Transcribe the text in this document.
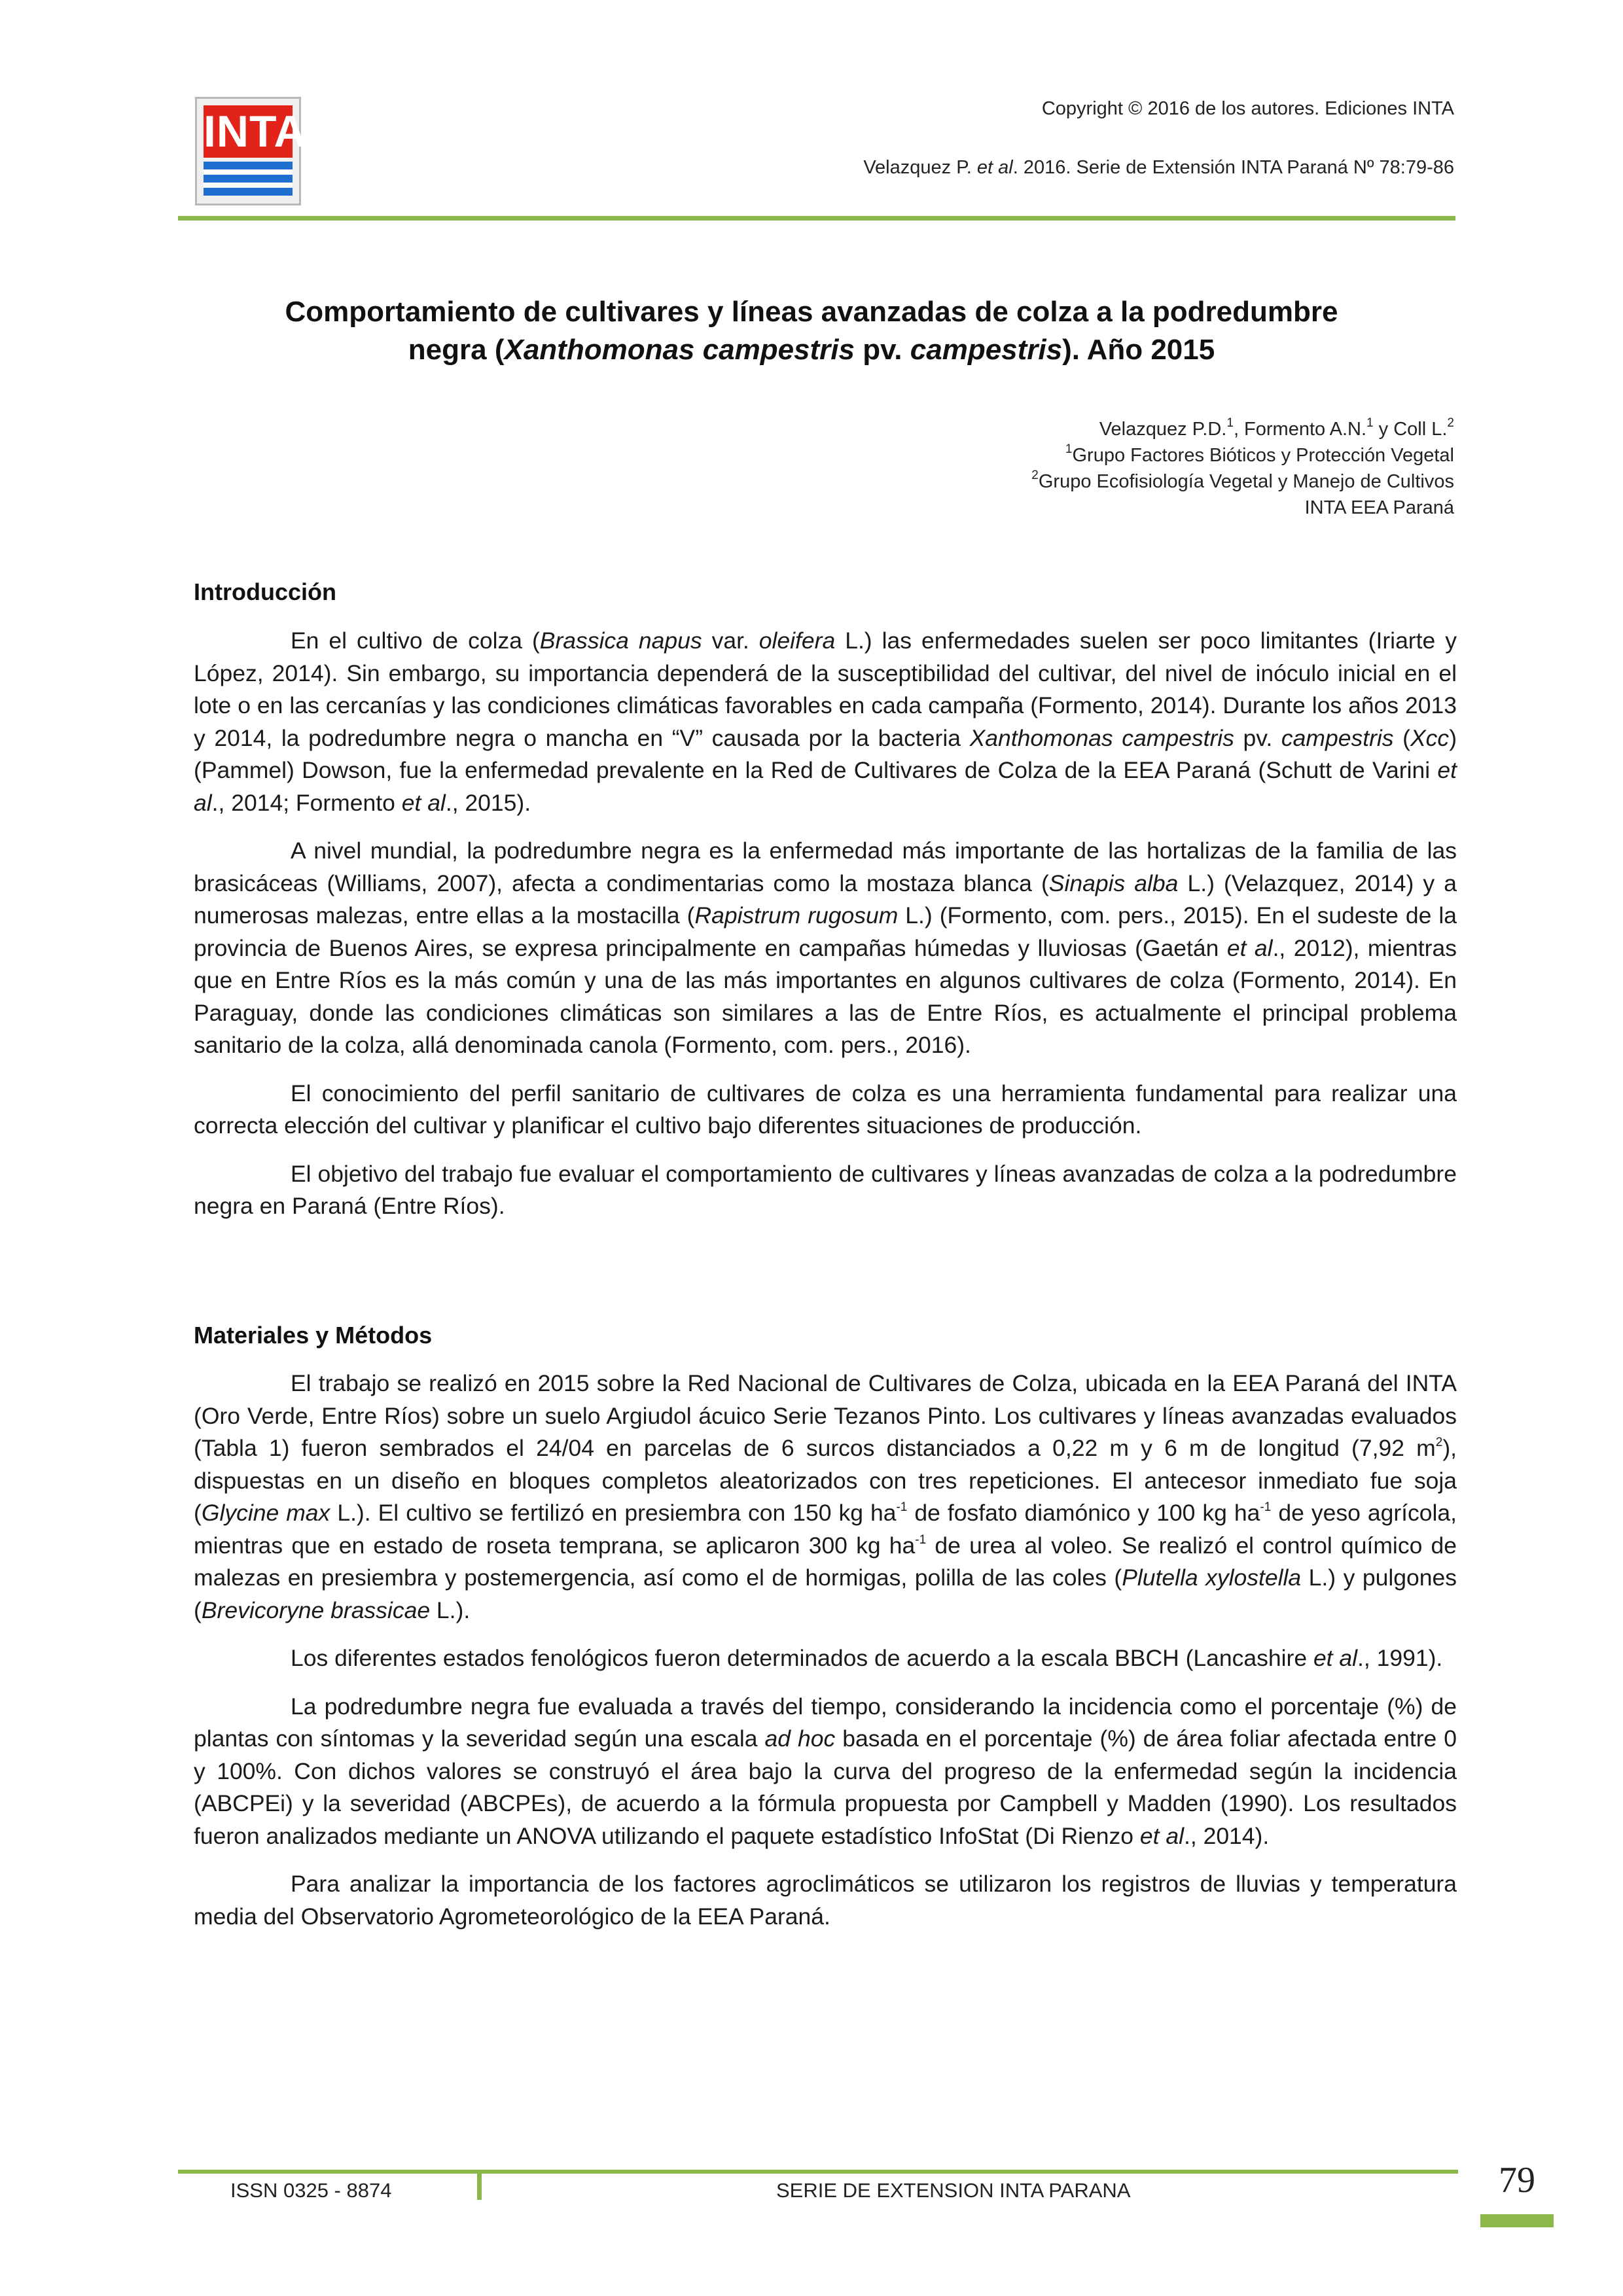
INTA	Copyright © 2016 de los autores. Ediciones INTA
Velazquez P. et al. 2016. Serie de Extensión INTA Paraná Nº 78:79-86
Comportamiento de cultivares y líneas avanzadas de colza a la podredumbre
negra (Xanthomonas campestris pv. campestris). Año 2015
Velazquez P.D.$^1$, Formento A.N.$^1$ y Coll L.$^2$
$^1$Grupo Factores Bióticos y Protección Vegetal
$^2$Grupo Ecofisiología Vegetal y Manejo de Cultivos
INTA EEA Paraná
Introducción

En el cultivo de colza (Brassica napus var. oleifera L.) las enfermedades suelen ser poco limitantes (Iriarte y López, 2014). Sin embargo, su importancia dependerá de la susceptibilidad del cultivar, del nivel de inóculo inicial en el lote o en las cercanías y las condiciones climáticas favorables en cada campaña (Formento, 2014). Durante los años 2013 y 2014, la podredumbre negra o mancha en “V” causada por la bacteria Xanthomonas campestris pv. campestris (Xcc) (Pammel) Dowson, fue la enfermedad prevalente en la Red de Cultivares de Colza de la EEA Paraná (Schutt de Varini et al., 2014; Formento et al., 2015).

A nivel mundial, la podredumbre negra es la enfermedad más importante de las hortalizas de la familia de las brasicáceas (Williams, 2007), afecta a condimentarias como la mostaza blanca (Sinapis alba L.) (Velazquez, 2014) y a numerosas malezas, entre ellas a la mostacilla (Rapistrum rugosum L.) (Formento, com. pers., 2015). En el sudeste de la provincia de Buenos Aires, se expresa principalmente en campañas húmedas y lluviosas (Gaetán et al., 2012), mientras que en Entre Ríos es la más común y una de las más importantes en algunos cultivares de colza (Formento, 2014). En Paraguay, donde las condiciones climáticas son similares a las de Entre Ríos, es actualmente el principal problema sanitario de la colza, allá denominada canola (Formento, com. pers., 2016).

El conocimiento del perfil sanitario de cultivares de colza es una herramienta fundamental para realizar una correcta elección del cultivar y planificar el cultivo bajo diferentes situaciones de producción.

El objetivo del trabajo fue evaluar el comportamiento de cultivares y líneas avanzadas de colza a la podredumbre negra en Paraná (Entre Ríos).

Materiales y Métodos

El trabajo se realizó en 2015 sobre la Red Nacional de Cultivares de Colza, ubicada en la EEA Paraná del INTA (Oro Verde, Entre Ríos) sobre un suelo Argiudol ácuico Serie Tezanos Pinto. Los cultivares y líneas avanzadas evaluados (Tabla 1) fueron sembrados el 24/04 en parcelas de 6 surcos distanciados a 0,22 m y 6 m de longitud (7,92 $m^2$), dispuestas en un diseño en bloques completos aleatorizados con tres repeticiones. El antecesor inmediato fue soja (Glycine max L.). El cultivo se fertilizó en presiembra con 150 kg $ha^{-1}$ de fosfato diamónico y 100 kg $ha^{-1}$ de yeso agrícola, mientras que en estado de roseta temprana, se aplicaron 300 kg $ha^{-1}$ de urea al voleo. Se realizó el control químico de malezas en presiembra y postemergencia, así como el de hormigas, polilla de las coles (Plutella xylostella L.) y pulgones (Brevicoryne brassicae L.).

Los diferentes estados fenológicos fueron determinados de acuerdo a la escala BBCH (Lancashire et al., 1991).

La podredumbre negra fue evaluada a través del tiempo, considerando la incidencia como el porcentaje (%) de plantas con síntomas y la severidad según una escala ad hoc basada en el porcentaje (%) de área foliar afectada entre 0 y 100%. Con dichos valores se construyó el área bajo la curva del progreso de la enfermedad según la incidencia (ABCPEi) y la severidad (ABCPEs), de acuerdo a la fórmula propuesta por Campbell y Madden (1990). Los resultados fueron analizados mediante un ANOVA utilizando el paquete estadístico InfoStat (Di Rienzo et al., 2014).

Para analizar la importancia de los factores agroclimáticos se utilizaron los registros de lluvias y temperatura media del Observatorio Agrometeorológico de la EEA Paraná.

ISSN 0325 - 8874	SERIE DE EXTENSION INTA PARANA	79
